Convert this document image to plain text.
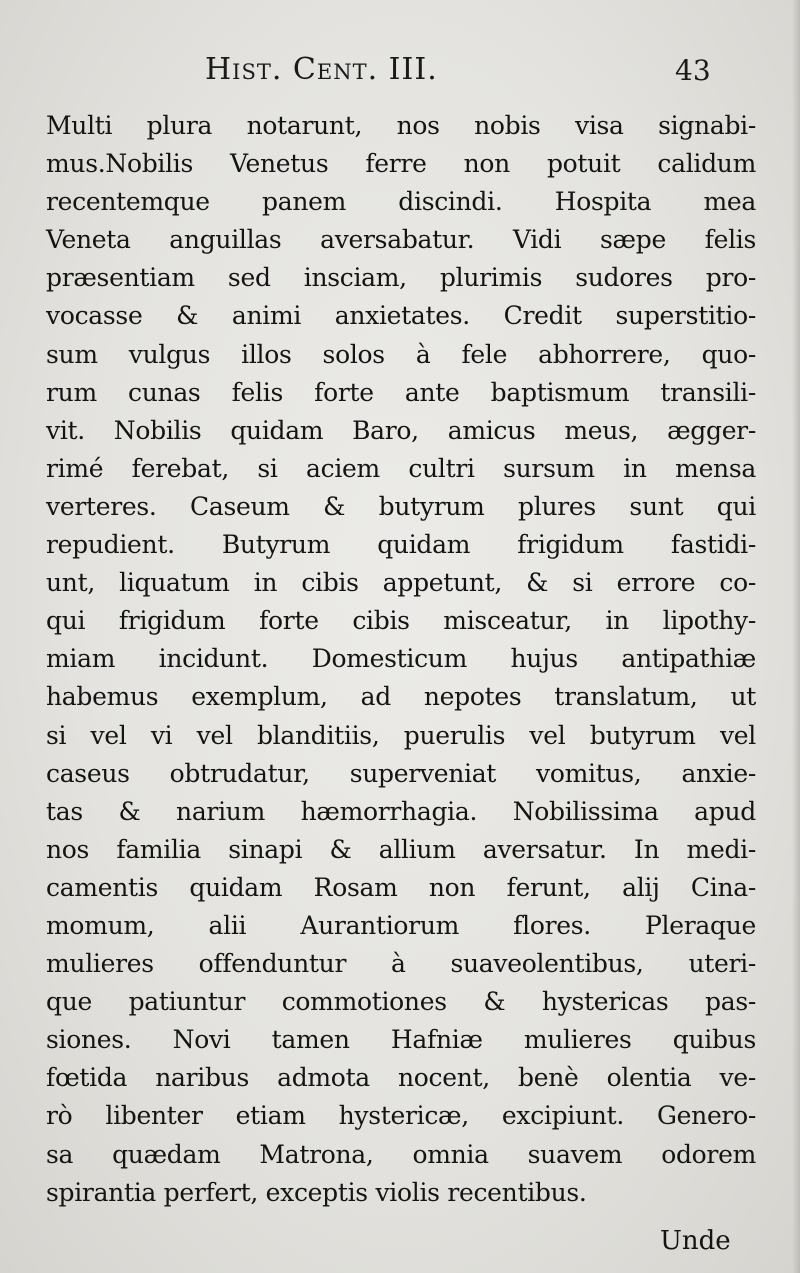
Hist. Cent. III.	43
Multi plura notarunt, nos nobis visa signabi-
mus.Nobilis Venetus ferre non potuit calidum
recentemque panem discindi. Hospita mea
Veneta anguillas aversabatur. Vidi sæpe felis
præsentiam sed insciam, plurimis sudores pro-
vocasse & animi anxietates. Credit superstitio-
sum vulgus illos solos à fele abhorrere, quo-
rum cunas felis forte ante baptismum transili-
vit. Nobilis quidam Baro, amicus meus, ægger-
rimé ferebat, si aciem cultri sursum in mensa
verteres. Caseum & butyrum plures sunt qui
repudient. Butyrum quidam frigidum fastidi-
unt, liquatum in cibis appetunt, & si errore co-
qui frigidum forte cibis misceatur, in lipothy-
miam incidunt. Domesticum hujus antipathiæ
habemus exemplum, ad nepotes translatum, ut
si vel vi vel blanditiis, puerulis vel butyrum vel
caseus obtrudatur, superveniat vomitus, anxie-
tas & narium hæmorrhagia. Nobilissima apud
nos familia sinapi & allium aversatur. In medi-
camentis quidam Rosam non ferunt, alij Cina-
momum, alii Aurantiorum flores. Pleraque
mulieres offenduntur à suaveolentibus, uteri-
que patiuntur commotiones & hystericas pas-
siones. Novi tamen Hafniæ mulieres quibus
fœtida naribus admota nocent, benè olentia ve-
rò libenter etiam hystericæ, excipiunt. Genero-
sa quædam Matrona, omnia suavem odorem
spirantia perfert, exceptis violis recentibus.
Unde
